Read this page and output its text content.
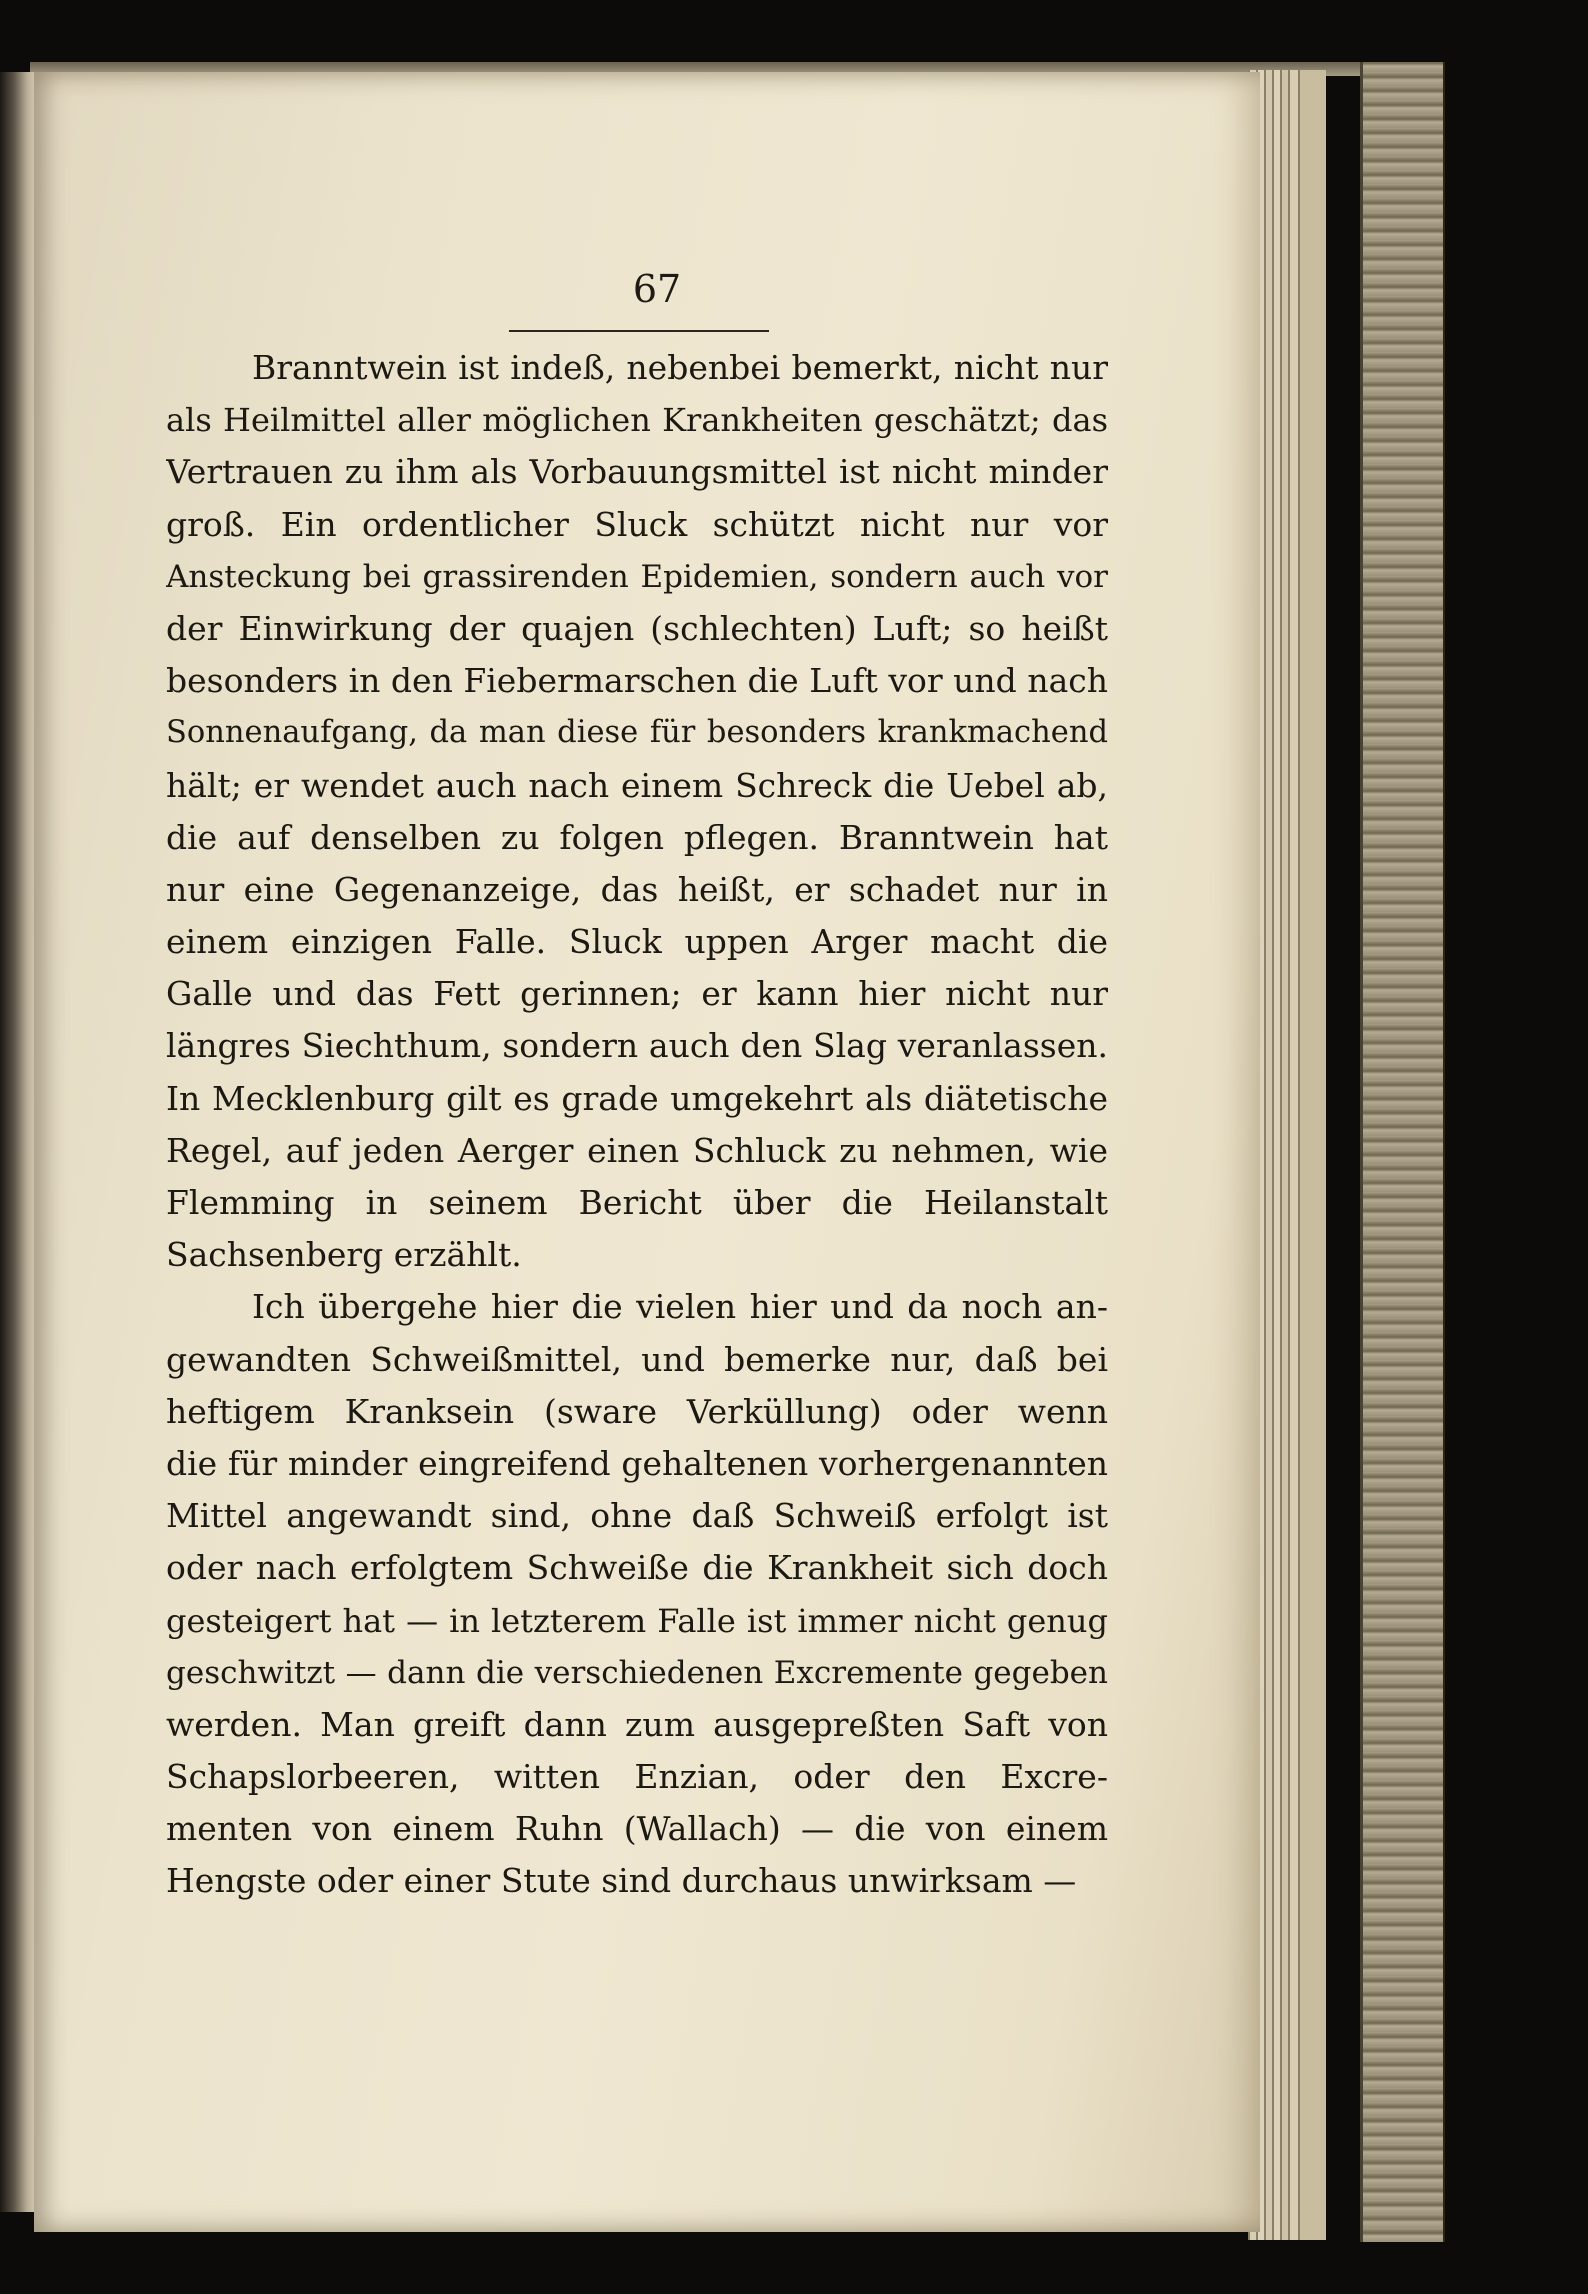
67
Branntwein ist indeß, nebenbei bemerkt, nicht nur
als Heilmittel aller möglichen Krankheiten geschätzt; das
Vertrauen zu ihm als Vorbauungsmittel ist nicht minder
groß. Ein ordentlicher Sluck schützt nicht nur vor
Ansteckung bei grassirenden Epidemien, sondern auch vor
der Einwirkung der quajen (schlechten) Luft; so heißt
besonders in den Fiebermarschen die Luft vor und nach
Sonnenaufgang, da man diese für besonders krankmachend
hält; er wendet auch nach einem Schreck die Uebel ab,
die auf denselben zu folgen pflegen. Branntwein hat
nur eine Gegenanzeige, das heißt, er schadet nur in
einem einzigen Falle. Sluck uppen Arger macht die
Galle und das Fett gerinnen; er kann hier nicht nur
längres Siechthum, sondern auch den Slag veranlassen.
In Mecklenburg gilt es grade umgekehrt als diätetische
Regel, auf jeden Aerger einen Schluck zu nehmen, wie
Flemming in seinem Bericht über die Heilanstalt
Sachsenberg erzählt.
Ich übergehe hier die vielen hier und da noch an-
gewandten Schweißmittel, und bemerke nur, daß bei
heftigem Kranksein (sware Verküllung) oder wenn
die für minder eingreifend gehaltenen vorhergenannten
Mittel angewandt sind, ohne daß Schweiß erfolgt ist
oder nach erfolgtem Schweiße die Krankheit sich doch
gesteigert hat — in letzterem Falle ist immer nicht genug
geschwitzt — dann die verschiedenen Excremente gegeben
werden. Man greift dann zum ausgepreßten Saft von
Schapslorbeeren, witten Enzian, oder den Excre-
menten von einem Ruhn (Wallach) — die von einem
Hengste oder einer Stute sind durchaus unwirksam —
